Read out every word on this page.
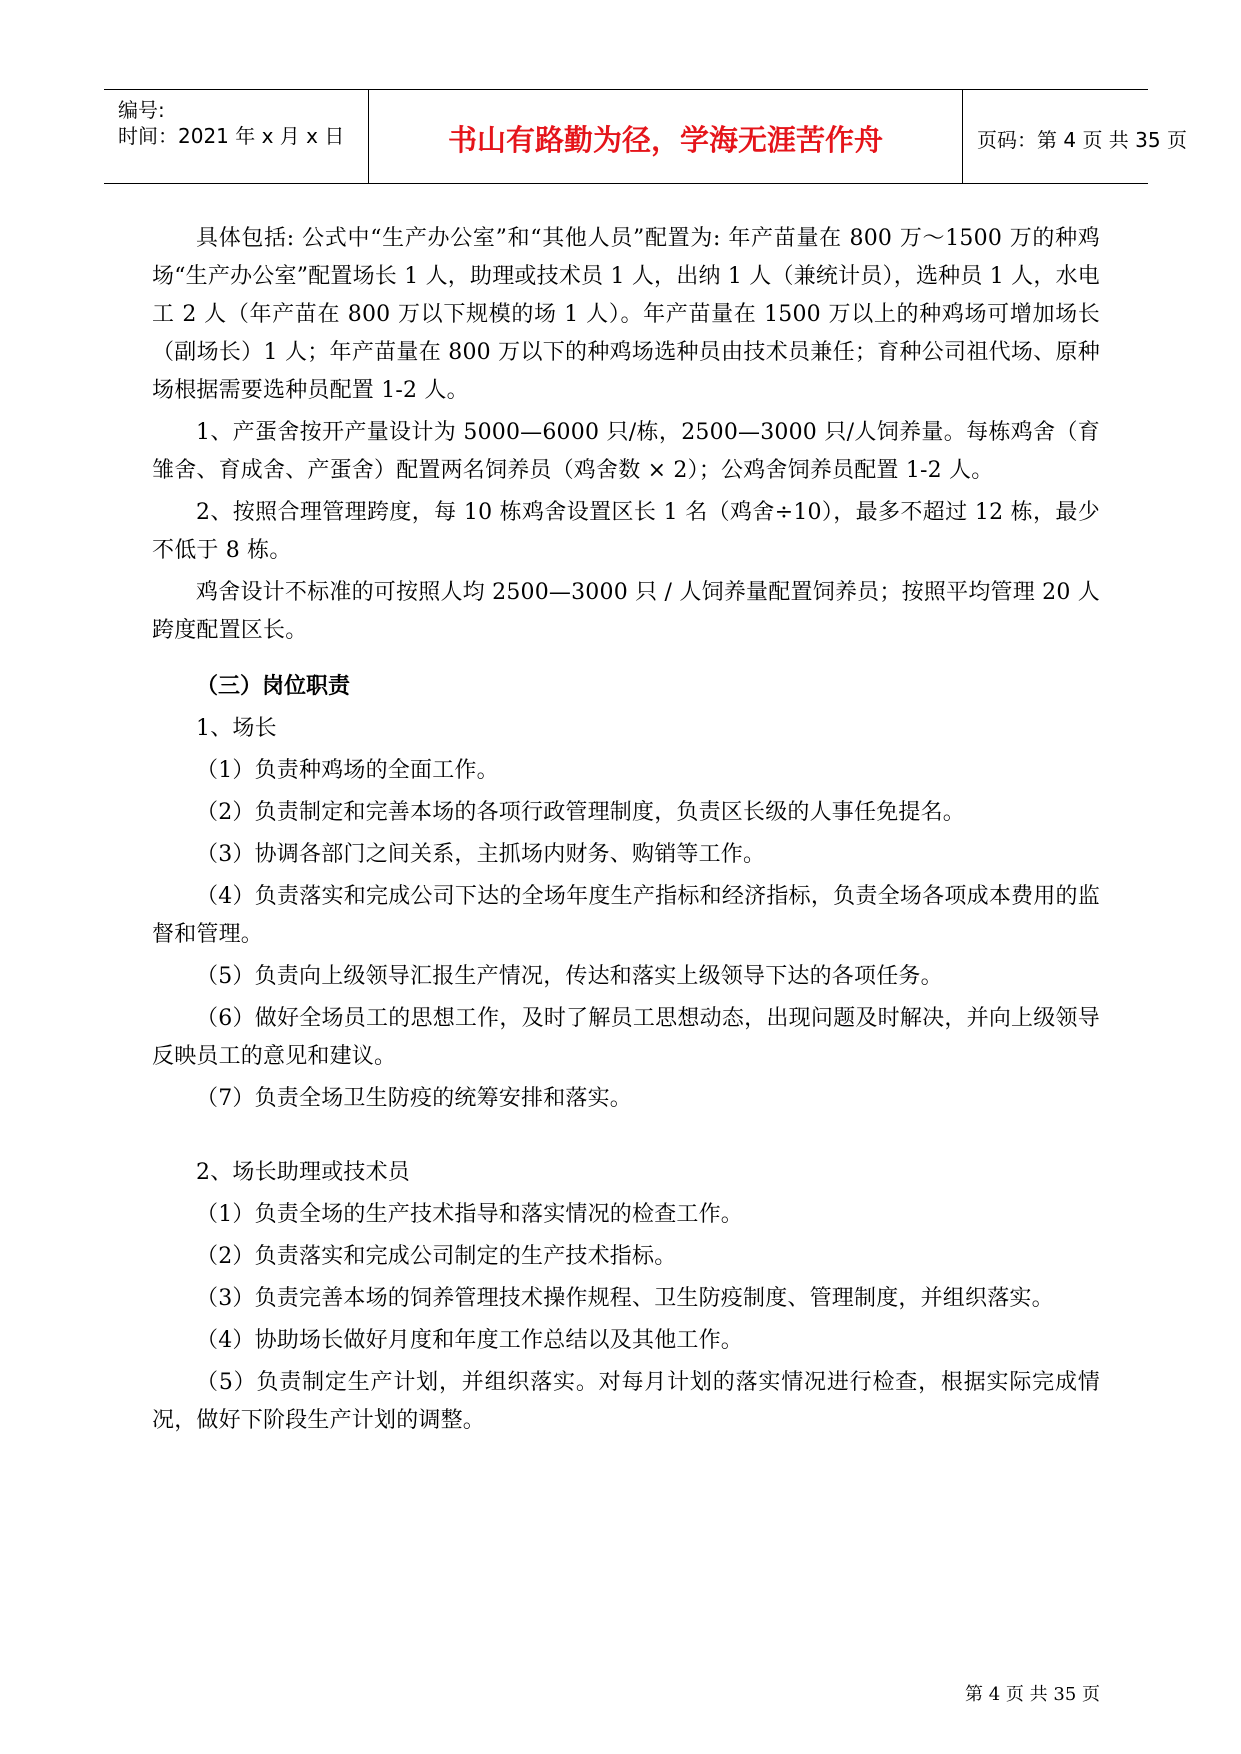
编号:
时间：2021 年 x 月 x 日	书山有路勤为径，学海无涯苦作舟	页码：第 4 页 共 35 页

具体包括: 公式中“生产办公室”和“其他人员”配置为: 年产苗量在 800 万～1500 万的种鸡场“生产办公室”配置场长 1 人，助理或技术员 1 人，出纳 1 人（兼统计员），选种员 1 人，水电工 2 人（年产苗在 800 万以下规模的场 1 人）。年产苗量在 1500 万以上的种鸡场可增加场长（副场长）1 人；年产苗量在 800 万以下的种鸡场选种员由技术员兼任；育种公司祖代场、原种场根据需要选种员配置 1-2 人。

1、产蛋舍按开产量设计为 5000—6000 只/栋，2500—3000 只/人饲养量。每栋鸡舍（育雏舍、育成舍、产蛋舍）配置两名饲养员（鸡舍数 × 2）；公鸡舍饲养员配置 1-2 人。

2、按照合理管理跨度，每 10 栋鸡舍设置区长 1 名（鸡舍÷10），最多不超过 12 栋，最少不低于 8 栋。

鸡舍设计不标准的可按照人均 2500—3000 只 / 人饲养量配置饲养员；按照平均管理 20 人跨度配置区长。

（三）岗位职责

1、场长

（1）负责种鸡场的全面工作。

（2）负责制定和完善本场的各项行政管理制度，负责区长级的人事任免提名。

（3）协调各部门之间关系，主抓场内财务、购销等工作。

（4）负责落实和完成公司下达的全场年度生产指标和经济指标，负责全场各项成本费用的监督和管理。

（5）负责向上级领导汇报生产情况，传达和落实上级领导下达的各项任务。

（6）做好全场员工的思想工作，及时了解员工思想动态，出现问题及时解决，并向上级领导反映员工的意见和建议。

（7）负责全场卫生防疫的统筹安排和落实。

2、场长助理或技术员

（1）负责全场的生产技术指导和落实情况的检查工作。

（2）负责落实和完成公司制定的生产技术指标。

（3）负责完善本场的饲养管理技术操作规程、卫生防疫制度、管理制度，并组织落实。

（4）协助场长做好月度和年度工作总结以及其他工作。

（5）负责制定生产计划，并组织落实。对每月计划的落实情况进行检查，根据实际完成情况，做好下阶段生产计划的调整。

第 4 页 共 35 页
